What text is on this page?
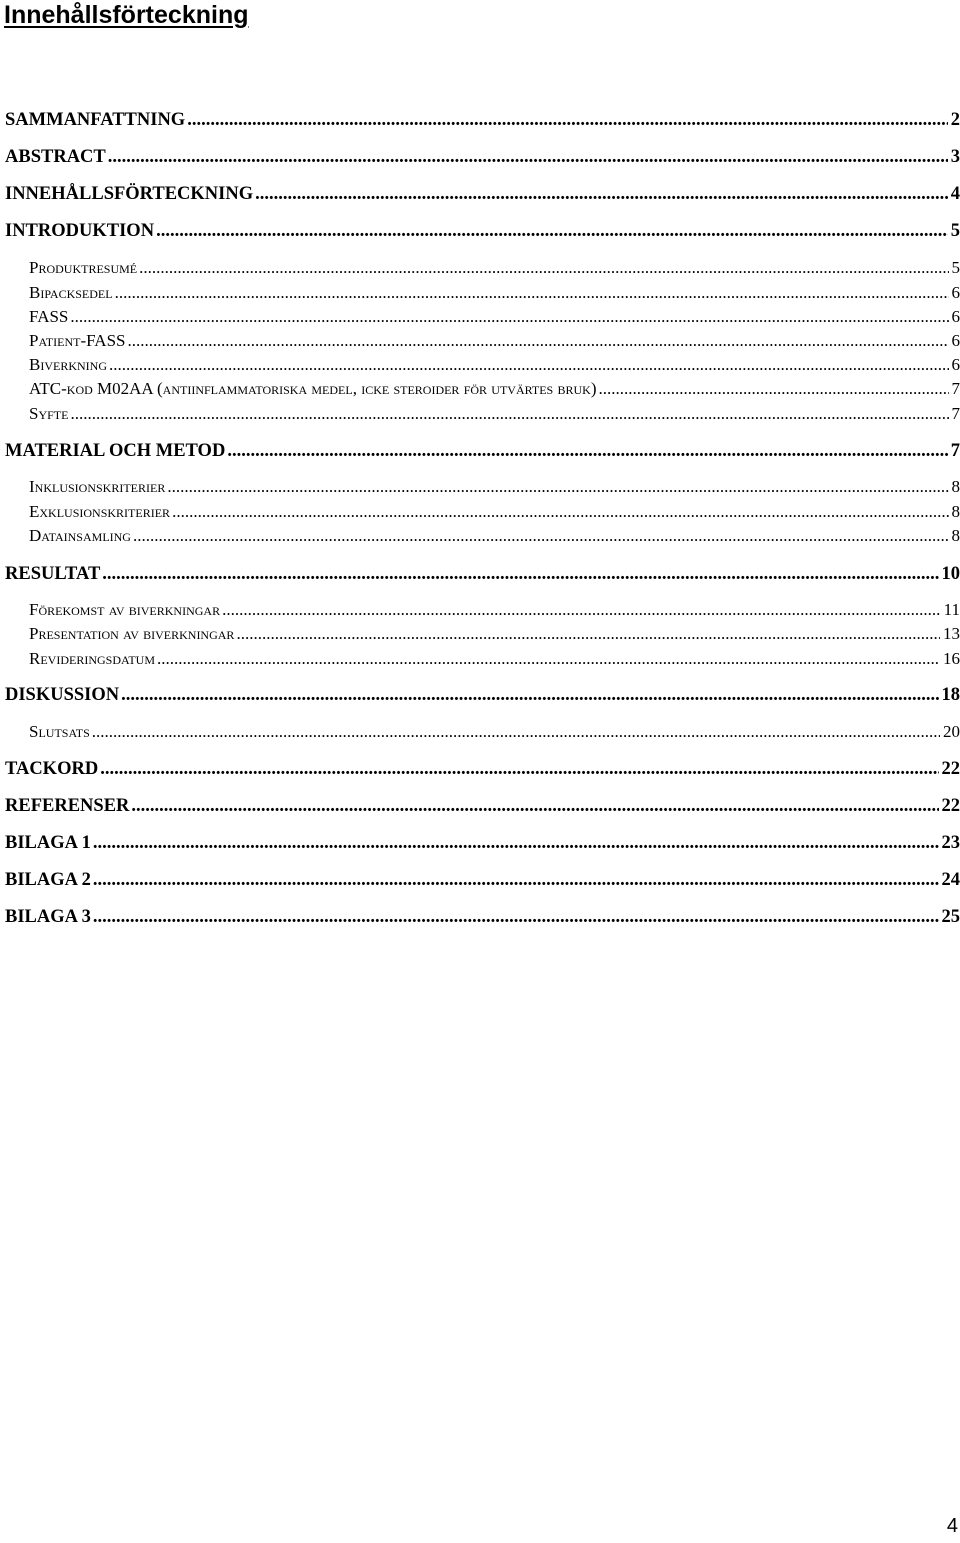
Innehållsförteckning
SAMMANFATTNING .....	2
ABSTRACT .....	3
INNEHÅLLSFÖRTECKNING .....	4
INTRODUKTION .....	5
Produktresumé .....	5
Bipacksedel .....	6
FASS .....	6
Patient-FASS .....	6
Biverkning .....	6
ATC-kod M02AA (antiinflammatoriska medel, icke steroider för utvärtes bruk) .....	7
Syfte .....	7
MATERIAL OCH METOD .....	7
Inklusionskriterier .....	8
Exklusionskriterier .....	8
Datainsamling .....	8
RESULTAT .....	10
Förekomst av biverkningar .....	11
Presentation av biverkningar .....	13
Revideringsdatum .....	16
DISKUSSION .....	18
Slutsats .....	20
TACKORD .....	22
REFERENSER .....	22
BILAGA 1 .....	23
BILAGA 2 .....	24
BILAGA 3 .....	25
4
